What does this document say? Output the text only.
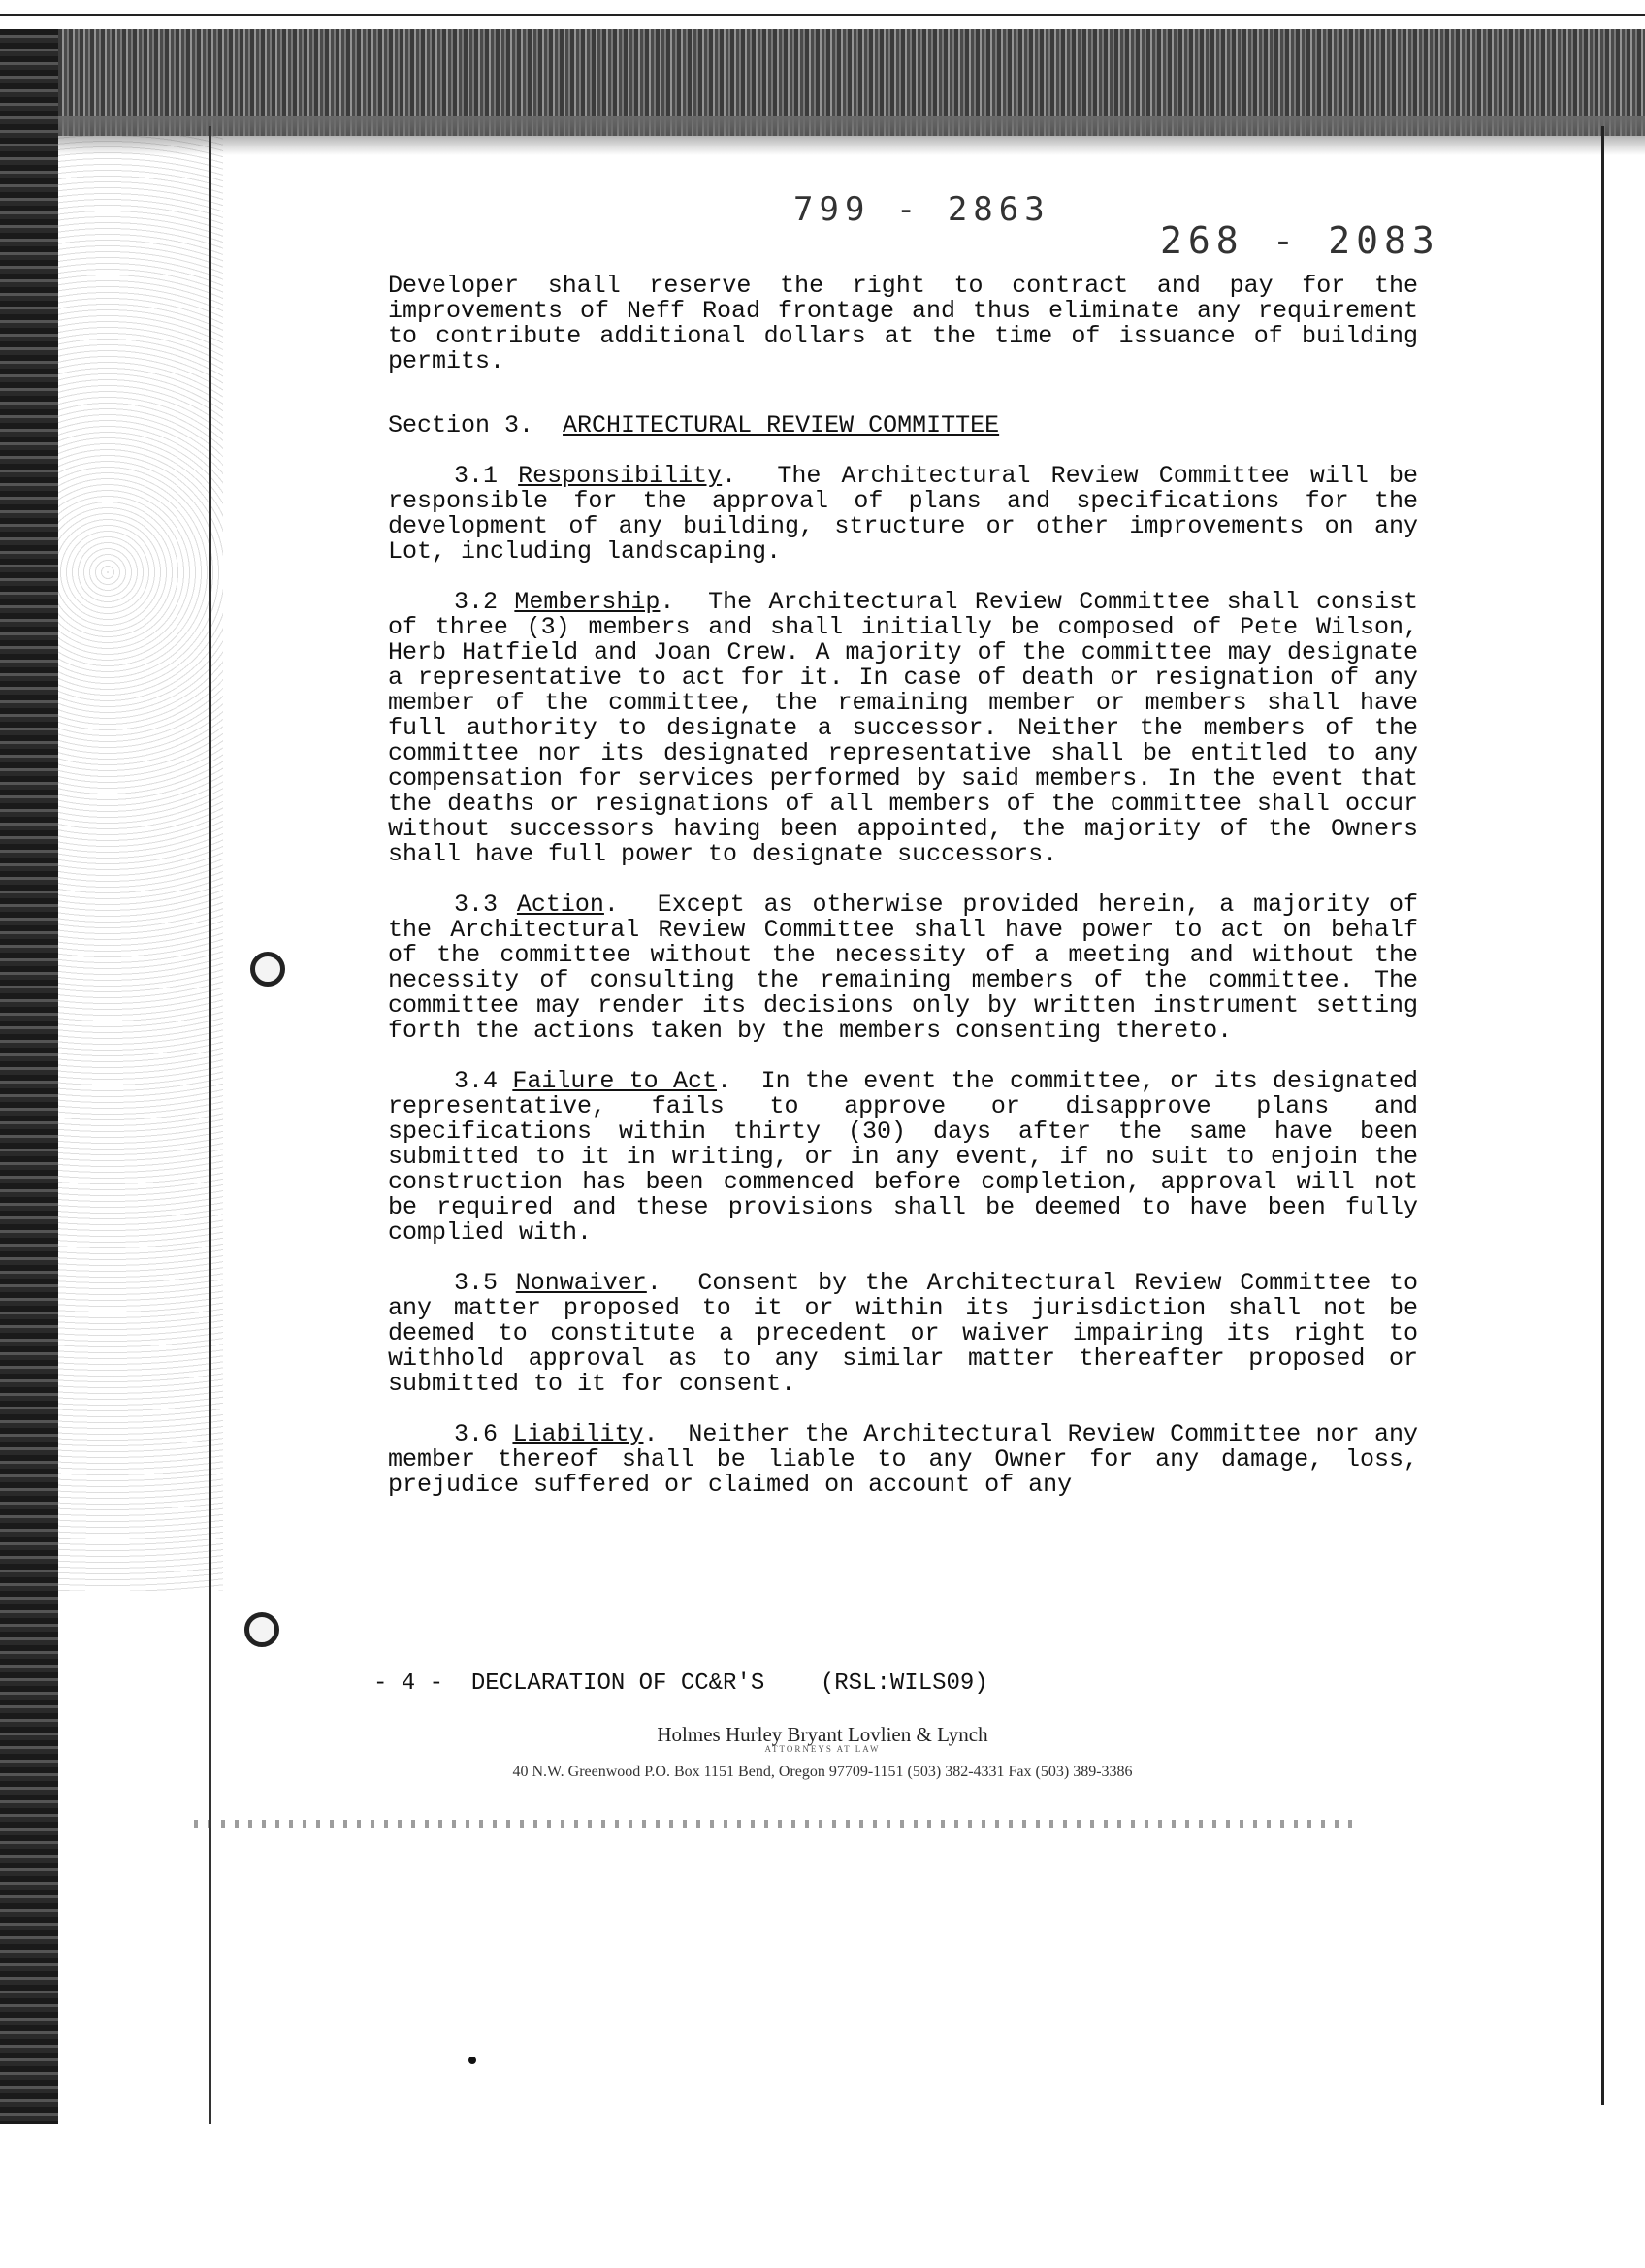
799 - 2863
268 - 2083

Developer shall reserve the right to contract and pay for the improvements of Neff Road frontage and thus eliminate any requirement to contribute additional dollars at the time of issuance of building permits.

Section 3. ARCHITECTURAL REVIEW COMMITTEE

3.1 Responsibility.  The Architectural Review Committee will be responsible for the approval of plans and specifications for the development of any building, structure or other improvements on any Lot, including landscaping.

3.2 Membership.  The Architectural Review Committee shall consist of three (3) members and shall initially be composed of Pete Wilson, Herb Hatfield and Joan Crew. A majority of the committee may designate a representative to act for it. In case of death or resignation of any member of the committee, the remaining member or members shall have full authority to designate a successor. Neither the members of the committee nor its designated representative shall be entitled to any compensation for services performed by said members. In the event that the deaths or resignations of all members of the committee shall occur without successors having been appointed, the majority of the Owners shall have full power to designate successors.

3.3 Action.  Except as otherwise provided herein, a majority of the Architectural Review Committee shall have power to act on behalf of the committee without the necessity of a meeting and without the necessity of consulting the remaining members of the committee. The committee may render its decisions only by written instrument setting forth the actions taken by the members consenting thereto.

3.4 Failure to Act.  In the event the committee, or its designated representative, fails to approve or disapprove plans and specifications within thirty (30) days after the same have been submitted to it in writing, or in any event, if no suit to enjoin the construction has been commenced before completion, approval will not be required and these provisions shall be deemed to have been fully complied with.

3.5 Nonwaiver.  Consent by the Architectural Review Committee to any matter proposed to it or within its jurisdiction shall not be deemed to constitute a precedent or waiver impairing its right to withhold approval as to any similar matter thereafter proposed or submitted to it for consent.

3.6 Liability.  Neither the Architectural Review Committee nor any member thereof shall be liable to any Owner for any damage, loss, prejudice suffered or claimed on account of any

- 4 -  DECLARATION OF CC&R'S    (RSL:WILS09)
Holmes Hurley Bryant Lovlien & Lynch
ATTORNEYS AT LAW
40 N.W. Greenwood P.O. Box 1151 Bend, Oregon 97709-1151 (503) 382-4331 Fax (503) 389-3386
